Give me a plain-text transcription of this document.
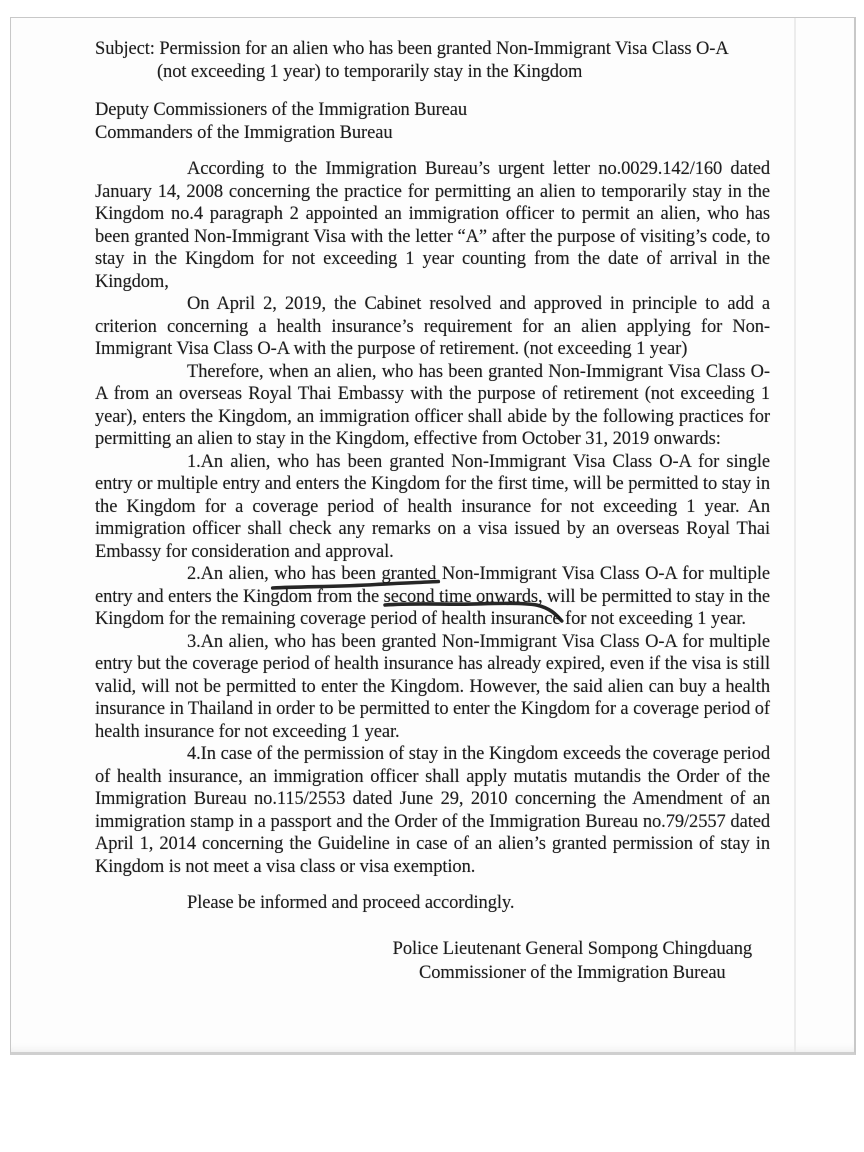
Subject: Permission for an alien who has been granted Non-Immigrant Visa Class O-A
(not exceeding 1 year) to temporarily stay in the Kingdom
Deputy Commissioners of the Immigration Bureau
Commanders of the Immigration Bureau

According to the Immigration Bureau’s urgent letter no.0029.142/160 dated January 14, 2008 concerning the practice for permitting an alien to temporarily stay in the Kingdom no.4 paragraph 2 appointed an immigration officer to permit an alien, who has been granted Non-Immigrant Visa with the letter “A” after the purpose of visiting’s code, to stay in the Kingdom for not exceeding 1 year counting from the date of arrival in the Kingdom,

On April 2, 2019, the Cabinet resolved and approved in principle to add a criterion concerning a health insurance’s requirement for an alien applying for Non-Immigrant Visa Class O-A with the purpose of retirement. (not exceeding 1 year)

Therefore, when an alien, who has been granted Non-Immigrant Visa Class O-A from an overseas Royal Thai Embassy with the purpose of retirement (not exceeding 1 year), enters the Kingdom, an immigration officer shall abide by the following practices for permitting an alien to stay in the Kingdom, effective from October 31, 2019 onwards:

1.An alien, who has been granted Non-Immigrant Visa Class O-A for single entry or multiple entry and enters the Kingdom for the first time, will be permitted to stay in the Kingdom for a coverage period of health insurance for not exceeding 1 year. An immigration officer shall check any remarks on a visa issued by an overseas Royal Thai Embassy for consideration and approval.

2.An alien, who has been granted
Non-Immigrant Visa Class O-A for multiple entry and enters the Kingdom from the second time onwards,
will be permitted to stay in the Kingdom for the remaining coverage period of health insurance for not exceeding 1 year.

3.An alien, who has been granted Non-Immigrant Visa Class O-A for multiple entry but the coverage period of health insurance has already expired, even if the visa is still valid, will not be permitted to enter the Kingdom. However, the said alien can buy a health insurance in Thailand in order to be permitted to enter the Kingdom for a coverage period of health insurance for not exceeding 1 year.

4.In case of the permission of stay in the Kingdom exceeds the coverage period of health insurance, an immigration officer shall apply mutatis mutandis the Order of the Immigration Bureau no.115/2553 dated June 29, 2010 concerning the Amendment of an immigration stamp in a passport and the Order of the Immigration Bureau no.79/2557 dated April 1, 2014 concerning the Guideline in case of an alien’s granted permission of stay in Kingdom is not meet a visa class or visa exemption.

Please be informed and proceed accordingly.
Police Lieutenant General Sompong Chingduang
Commissioner of the Immigration Bureau
